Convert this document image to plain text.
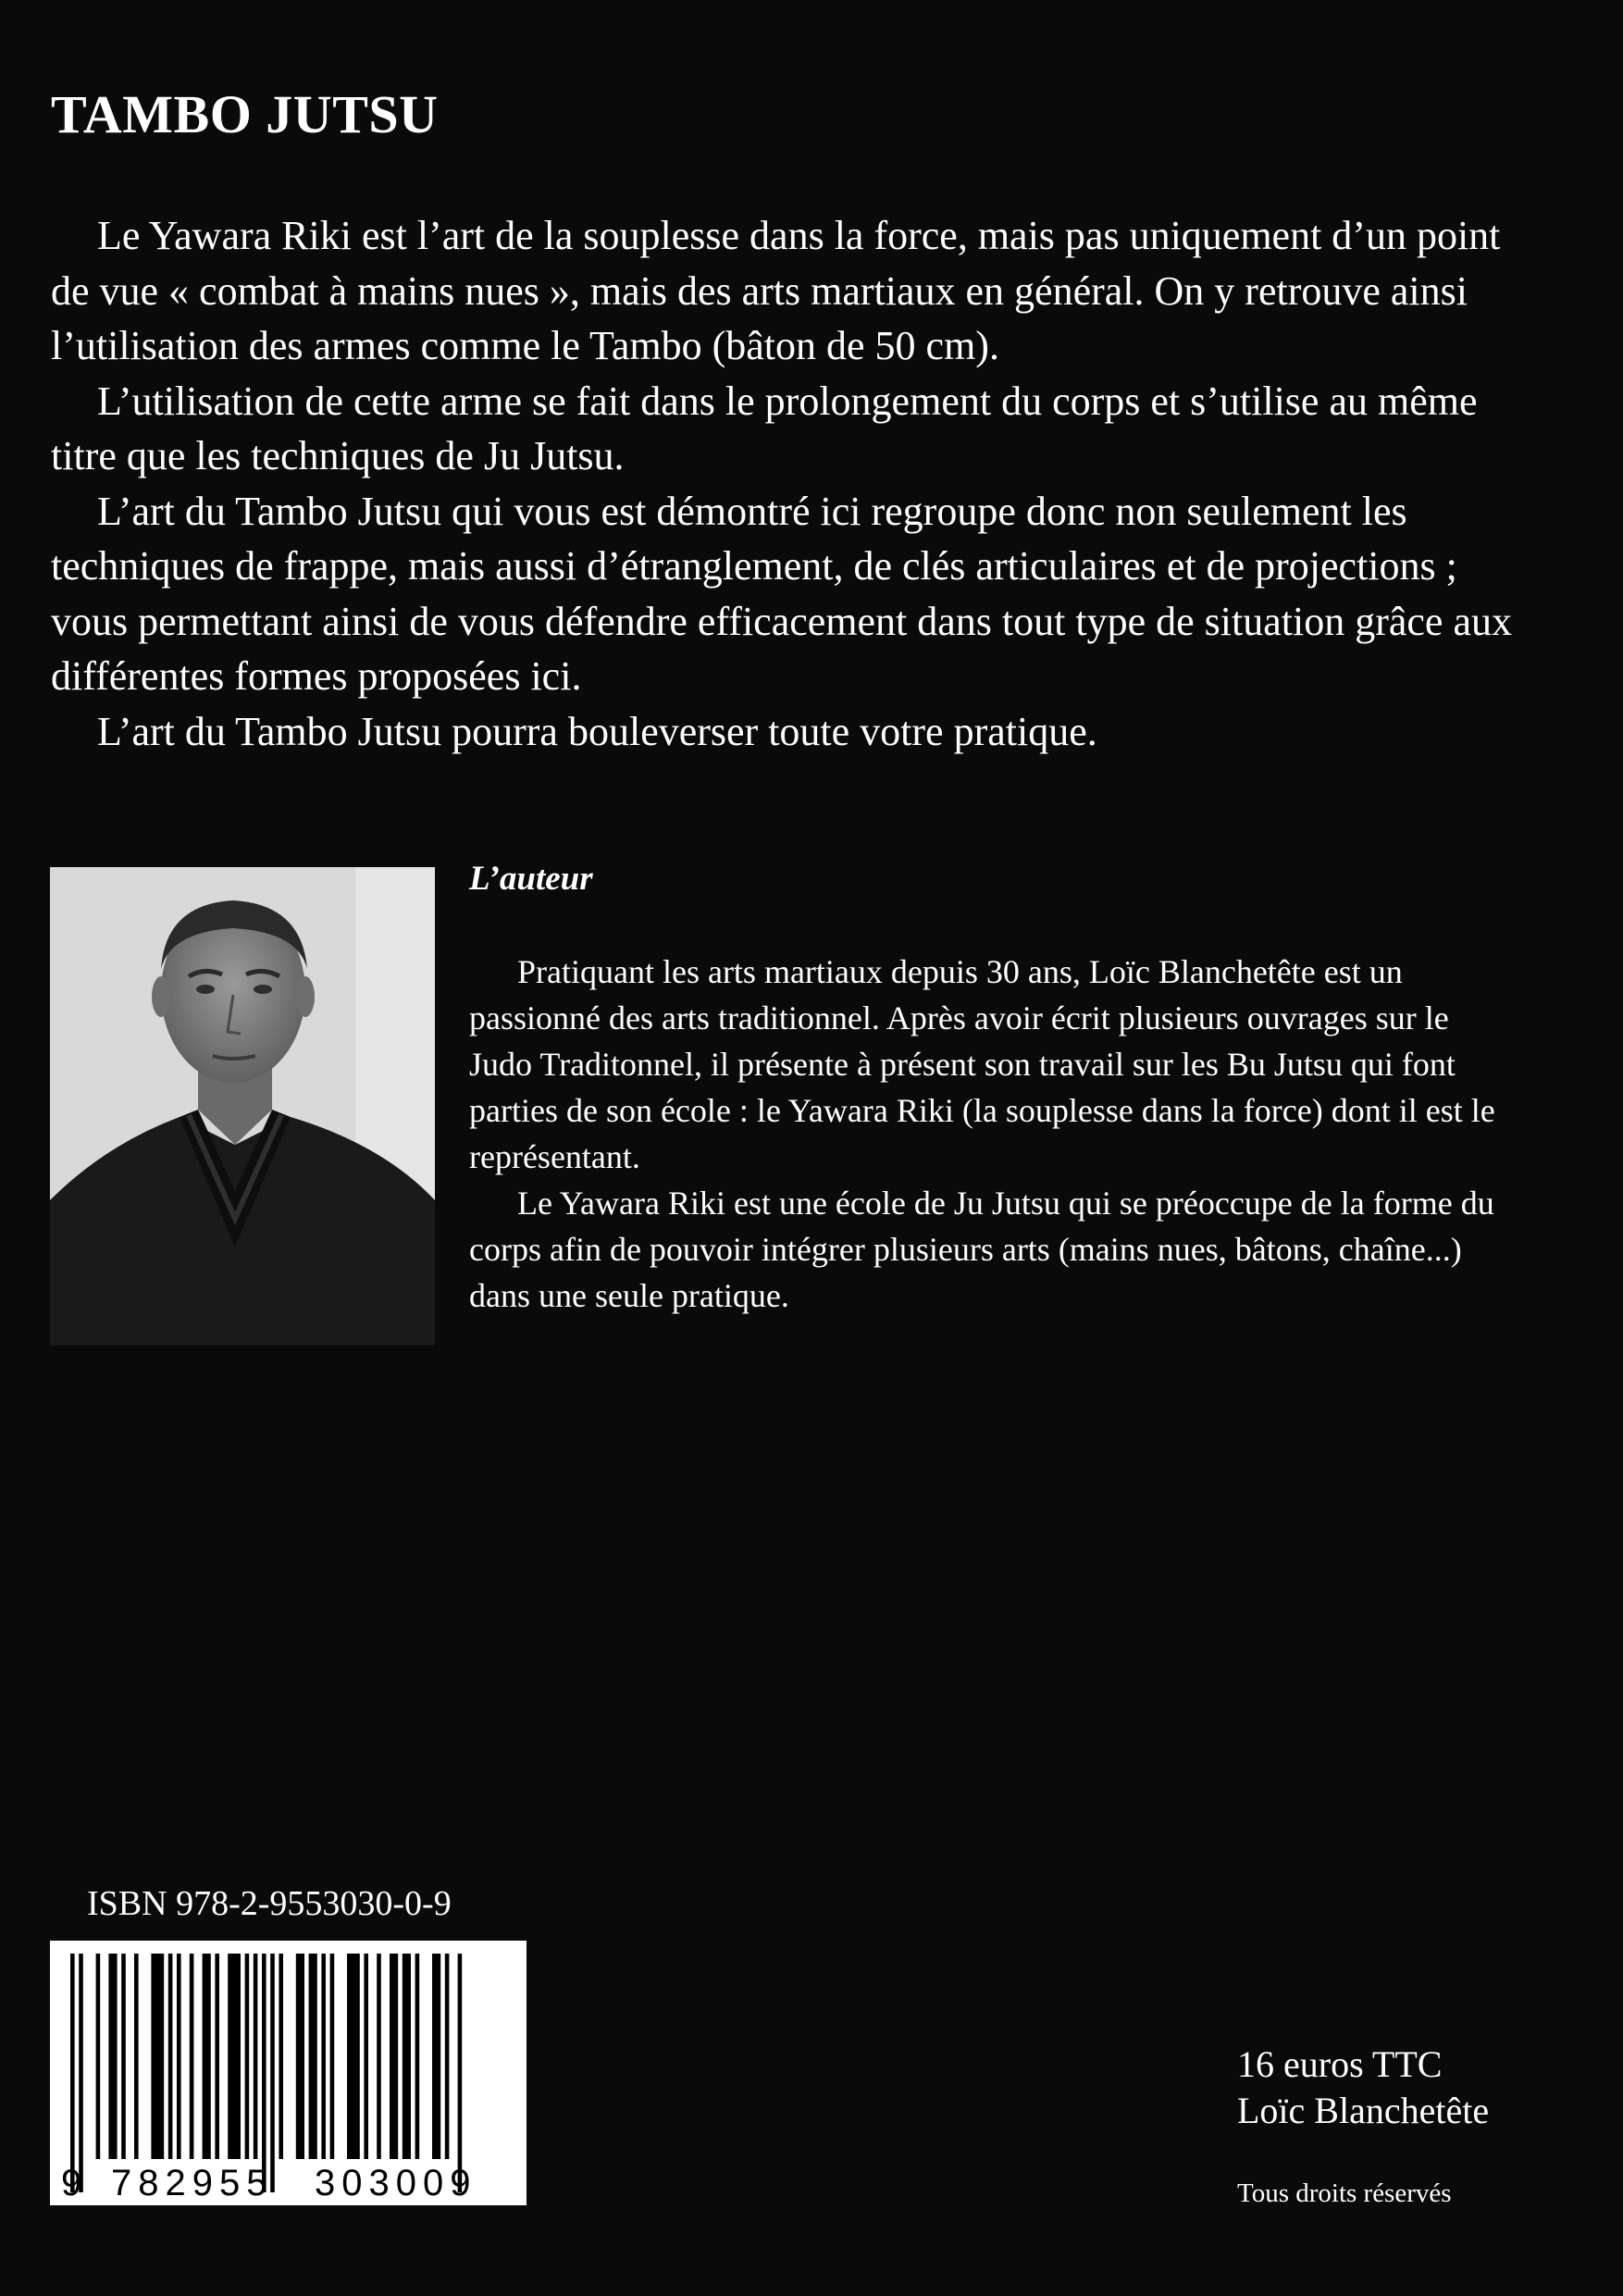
TAMBO JUTSU

Le Yawara Riki est l’art de la souplesse dans la force, mais pas uniquement d’un point de vue « combat à mains nues », mais des arts martiaux en général. On y retrouve ainsi l’utilisation des armes comme le Tambo (bâton de 50 cm).

L’utilisation de cette arme se fait dans le prolongement du corps et s’utilise au même titre que les techniques de Ju Jutsu.

L’art du Tambo Jutsu qui vous est démontré ici regroupe donc non seulement les techniques de frappe, mais aussi d’étranglement, de clés articulaires et de projections ; vous permettant ainsi de vous défendre efficacement dans tout type de situation grâce aux différentes formes proposées ici.

L’art du Tambo Jutsu pourra bouleverser toute votre pratique.

L’auteur

Pratiquant les arts martiaux depuis 30 ans, Loïc Blanchetête est un passionné des arts traditionnel. Après avoir écrit plusieurs ouvrages sur le Judo Traditonnel, il présente à présent son travail sur les Bu Jutsu qui font parties de son école : le Yawara Riki (la souplesse dans la force) dont il est le représentant.

Le Yawara Riki est une école de Ju Jutsu qui se préoccupe de la forme du corps afin de pouvoir intégrer plusieurs arts (mains nues, bâtons, chaîne...) dans une seule pratique.

ISBN 978-2-9553030-0-9
9 782955 303009
16 euros TTC
Loïc Blanchetête
Tous droits réservés
